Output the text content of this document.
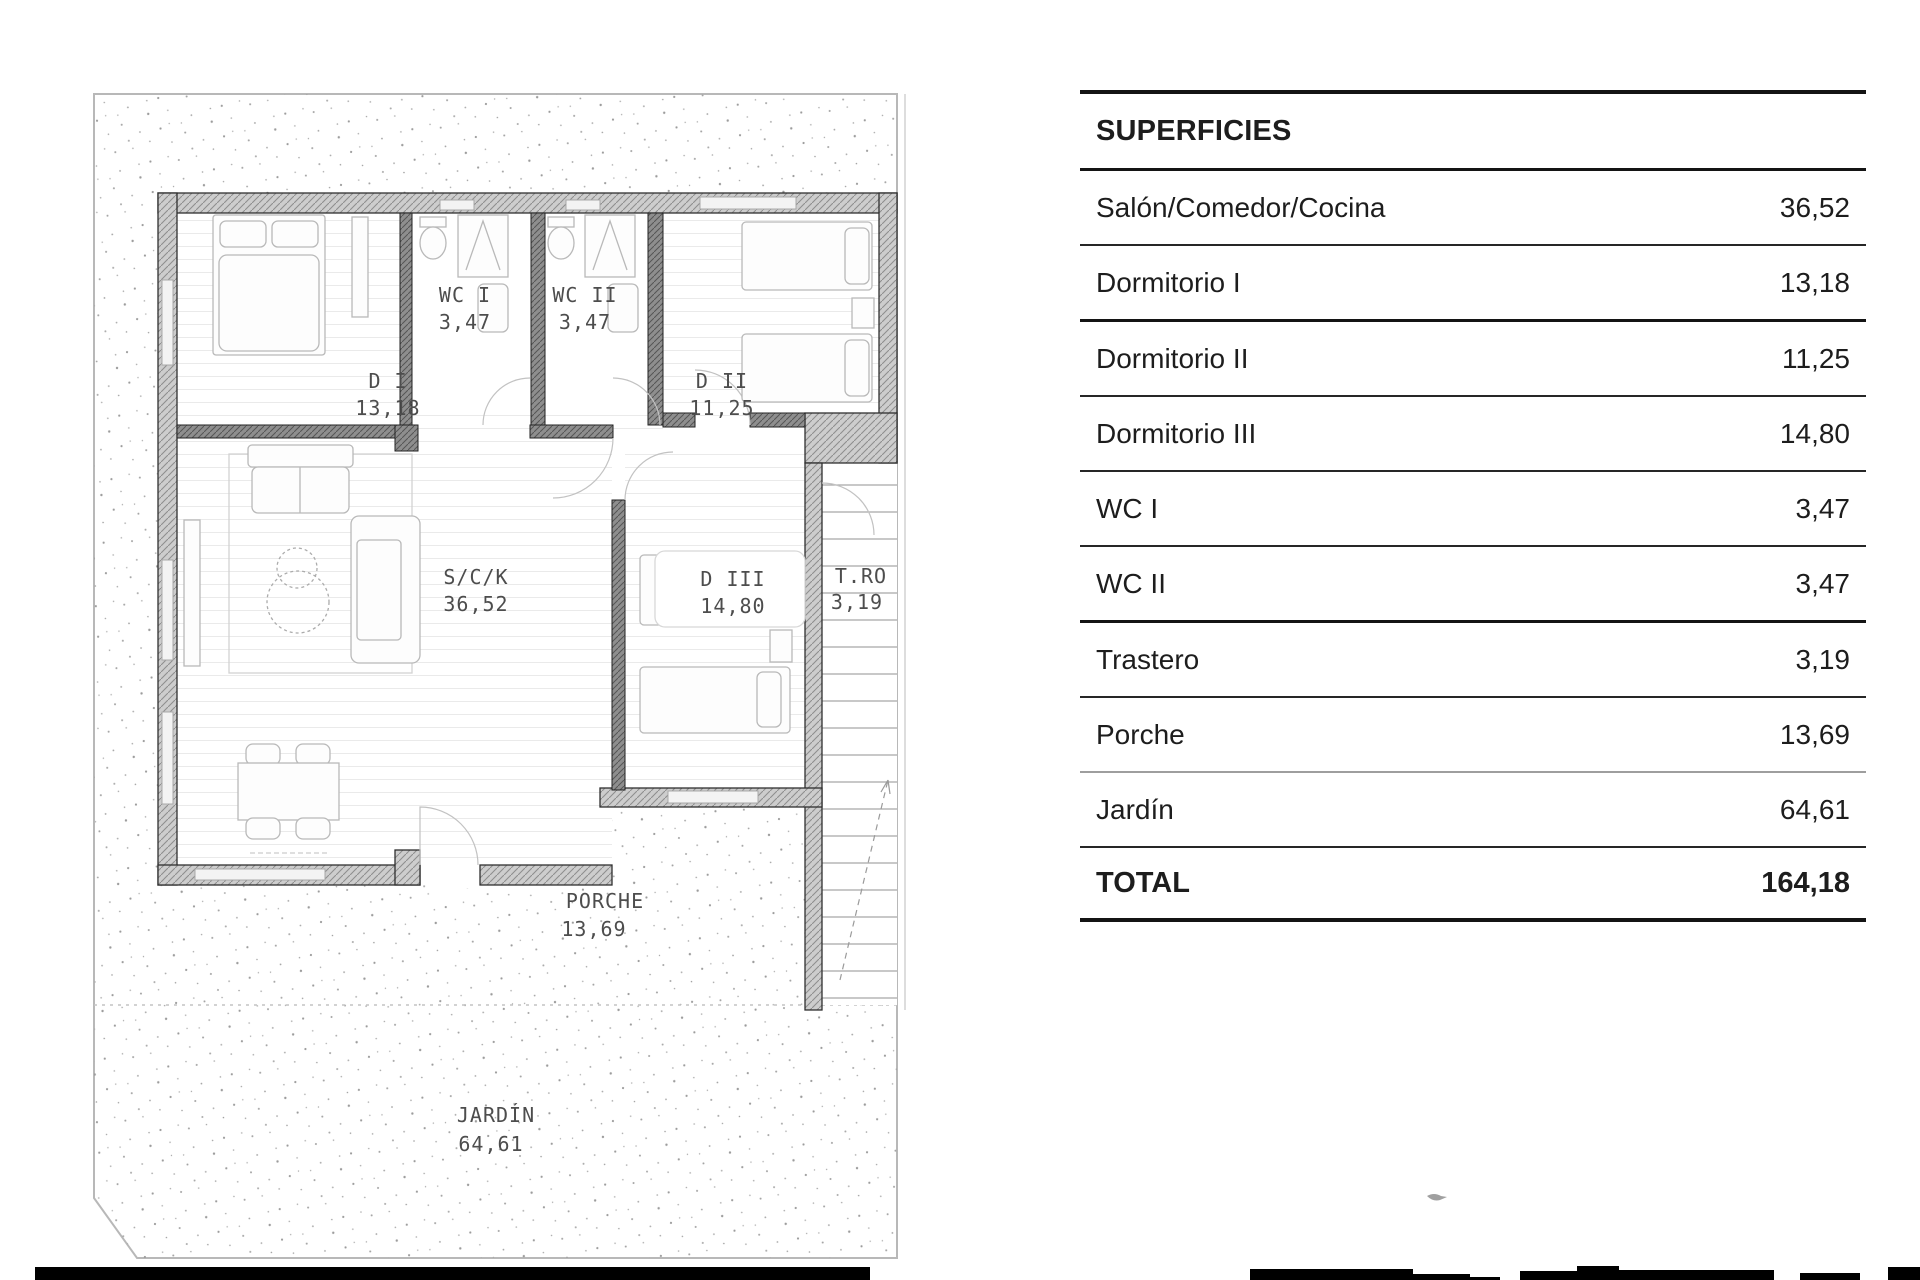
WC I
3,47
WC II
3,47
D I
13,18
D II
11,25
S/C/K
36,52
D III
14,80
T.RO
3,19
PORCHE
13,69
JARDÍN
64,61
SUPERFICIES
Salón/Comedor/Cocina	36,52
Dormitorio I	13,18
Dormitorio II	11,25
Dormitorio III	14,80
WC I	3,47
WC II	3,47
Trastero	3,19
Porche	13,69
Jardín	64,61
TOTAL	164,18
